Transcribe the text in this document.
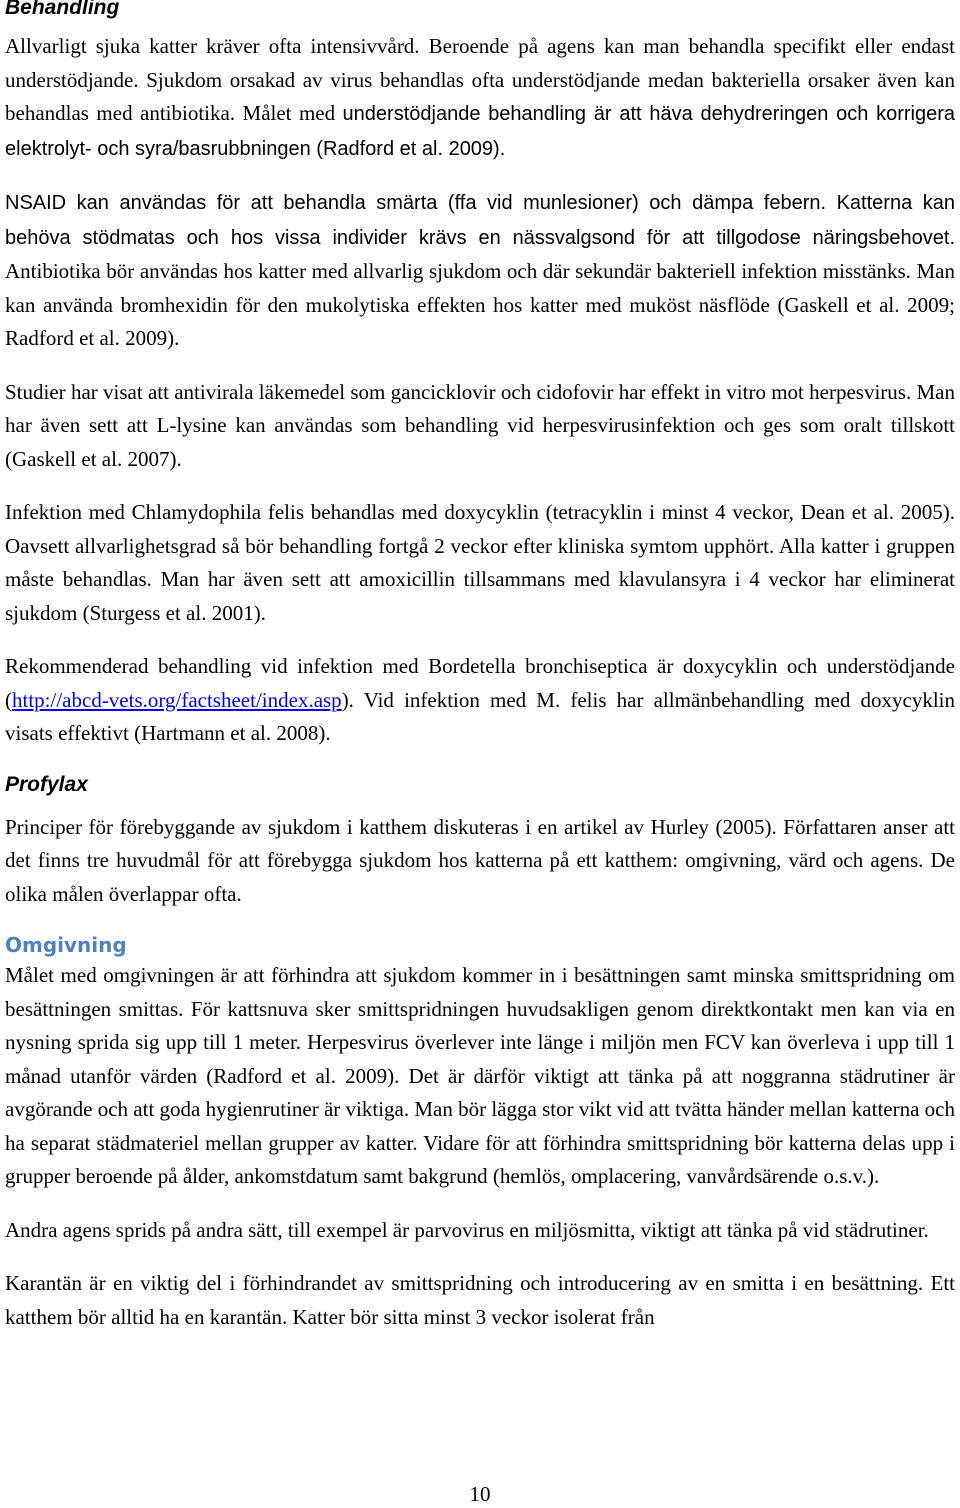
Behandling

Allvarligt sjuka katter kräver ofta intensivvård. Beroende på agens kan man behandla specifikt eller endast understödjande. Sjukdom orsakad av virus behandlas ofta understödjande medan bakteriella orsaker även kan behandlas med antibiotika. Målet med understödjande behandling är att häva dehydreringen och korrigera elektrolyt- och syra/basrubbningen (Radford et al. 2009).

NSAID kan användas för att behandla smärta (ffa vid munlesioner) och dämpa febern. Katterna kan behöva stödmatas och hos vissa individer krävs en nässvalgsond för att tillgodose näringsbehovet. Antibiotika bör användas hos katter med allvarlig sjukdom och där sekundär bakteriell infektion misstänks. Man kan använda bromhexidin för den mukolytiska effekten hos katter med muköst näsflöde (Gaskell et al. 2009; Radford et al. 2009).

Studier har visat att antivirala läkemedel som gancicklovir och cidofovir har effekt in vitro mot herpesvirus. Man har även sett att L-lysine kan användas som behandling vid herpesvirusinfektion och ges som oralt tillskott (Gaskell et al. 2007).

Infektion med Chlamydophila felis behandlas med doxycyklin (tetracyklin i minst 4 veckor, Dean et al. 2005). Oavsett allvarlighetsgrad så bör behandling fortgå 2 veckor efter kliniska symtom upphört. Alla katter i gruppen måste behandlas. Man har även sett att amoxicillin tillsammans med klavulansyra i 4 veckor har eliminerat sjukdom (Sturgess et al. 2001).

Rekommenderad behandling vid infektion med Bordetella bronchiseptica är doxycyklin och understödjande (http://abcd-vets.org/factsheet/index.asp). Vid infektion med M. felis har allmänbehandling med doxycyklin visats effektivt (Hartmann et al. 2008).

Profylax

Principer för förebyggande av sjukdom i katthem diskuteras i en artikel av Hurley (2005). Författaren anser att det finns tre huvudmål för att förebygga sjukdom hos katterna på ett katthem: omgivning, värd och agens. De olika målen överlappar ofta.

Omgivning

Målet med omgivningen är att förhindra att sjukdom kommer in i besättningen samt minska smittspridning om besättningen smittas. För kattsnuva sker smittspridningen huvudsakligen genom direktkontakt men kan via en nysning sprida sig upp till 1 meter. Herpesvirus överlever inte länge i miljön men FCV kan överleva i upp till 1 månad utanför värden (Radford et al. 2009). Det är därför viktigt att tänka på att noggranna städrutiner är avgörande och att goda hygienrutiner är viktiga. Man bör lägga stor vikt vid att tvätta händer mellan katterna och ha separat städmateriel mellan grupper av katter. Vidare för att förhindra smittspridning bör katterna delas upp i grupper beroende på ålder, ankomstdatum samt bakgrund (hemlös, omplacering, vanvårdsärende o.s.v.).

Andra agens sprids på andra sätt, till exempel är parvovirus en miljösmitta, viktigt att tänka på vid städrutiner.

Karantän är en viktig del i förhindrandet av smittspridning och introducering av en smitta i en besättning. Ett katthem bör alltid ha en karantän. Katter bör sitta minst 3 veckor isolerat från

10
